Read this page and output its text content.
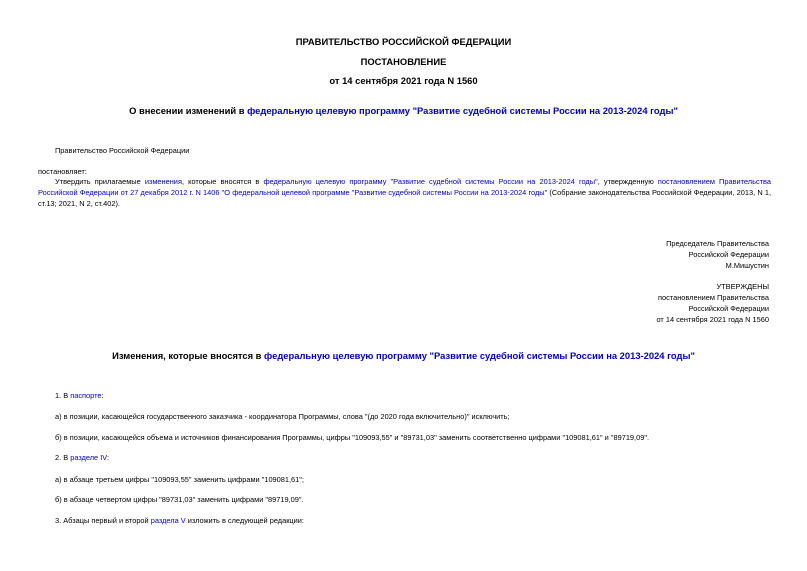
ПРАВИТЕЛЬСТВО РОССИЙСКОЙ ФЕДЕРАЦИИ
ПОСТАНОВЛЕНИЕ
от 14 сентября 2021 года N 1560
О внесении изменений в федеральную целевую программу "Развитие судебной системы России на 2013-2024 годы"
Правительство Российской Федерации
постановляет:
Утвердить прилагаемые изменения, которые вносятся в федеральную целевую программу "Развитие судебной системы России на 2013-2024 годы", утвержденную постановлением Правительства Российской Федерации от 27 декабря 2012 г. N 1406 "О федеральной целевой программе "Развитие судебной системы России на 2013-2024 годы" (Собрание законодательства Российской Федерации, 2013, N 1, ст.13; 2021, N 2, ст.402).
Председатель Правительства
Российской Федерации
М.Мишустин
УТВЕРЖДЕНЫ
постановлением Правительства
Российской Федерации
от 14 сентября 2021 года N 1560
Изменения, которые вносятся в федеральную целевую программу "Развитие судебной системы России на 2013-2024 годы"
1. В паспорте:
а) в позиции, касающейся государственного заказчика - координатора Программы, слова "(до 2020 года включительно)" исключить;
б) в позиции, касающейся объема и источников финансирования Программы, цифры "109093,55" и "89731,03" заменить соответственно цифрами "109081,61" и "89719,09".
2. В разделе IV:
а) в абзаце третьем цифры "109093,55" заменить цифрами "109081,61";
б) в абзаце четвертом цифры "89731,03" заменить цифрами "89719,09".
3. Абзацы первый и второй раздела V изложить в следующей редакции:
